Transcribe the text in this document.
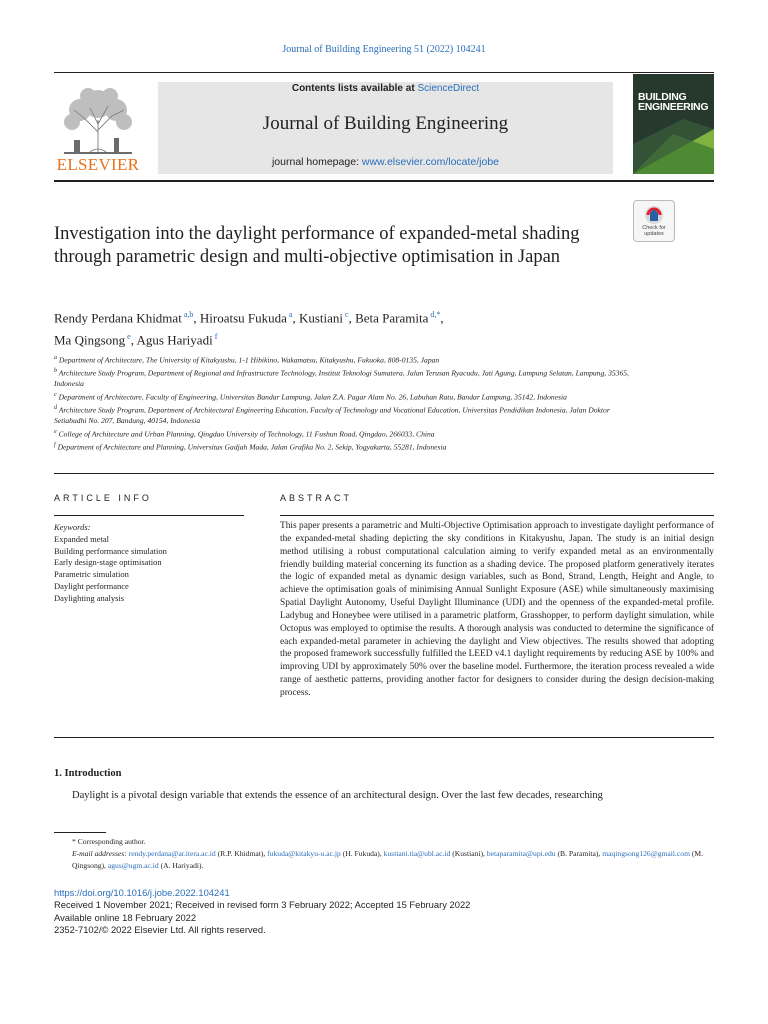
Journal of Building Engineering 51 (2022) 104241
ELSEVIER
Contents lists available at ScienceDirect
Journal of Building Engineering
journal homepage: www.elsevier.com/locate/jobe
BUILDING
ENGINEERING
Check for
updates
Investigation into the daylight performance of expanded-metal shading through parametric design and multi-objective optimisation in Japan
Rendy Perdana Khidmat $^{a,b}$, Hiroatsu Fukuda $^a$, Kustiani $^c$, Beta Paramita $^{d,*}$,
Ma Qingsong $^e$, Agus Hariyadi $^f$
$^a$ Department of Architecture, The University of Kitakyushu, 1-1 Hibikino, Wakamatsu, Kitakyushu, Fukuoka, 808-0135, Japan
$^b$ Architecture Study Program, Department of Regional and Infrastructure Technology, Institut Teknologi Sumatera, Jalan Terusan Ryacudu, Jati Agung, Lampung Selatan, Lampung, 35365, Indonesia
$^c$ Department of Architecture, Faculty of Engineering, Universitas Bandar Lampung, Jalan Z.A. Pagar Alam No. 26, Labuhan Ratu, Bandar Lampung, 35142, Indonesia
$^d$ Architecture Study Program, Department of Architectural Engineering Education, Faculty of Technology and Vocational Education, Universitas Pendidikan Indonesia, Jalan Doktor Setiabudhi No. 207, Bandung, 40154, Indonesia
$^e$ College of Architecture and Urban Planning, Qingdao University of Technology, 11 Fushun Road, Qingdao, 266033, China
$^f$ Department of Architecture and Planning, Universitas Gadjah Mada, Jalan Grafika No. 2, Sekip, Yogyakarta, 55281, Indonesia
ARTICLE INFO	ABSTRACT
Keywords:
Expanded metal
Building performance simulation
Early design-stage optimisation
Parametric simulation
Daylight performance
Daylighting analysis
This paper presents a parametric and Multi-Objective Optimisation approach to investigate daylight performance of the expanded-metal shading depicting the sky conditions in Kitakyushu, Japan. The study is an initial design method utilising a robust computational calculation aiming to verify expanded metal as an environmentally friendly building material concerning its function as a shading device. The proposed platform generatively iterates the logic of expanded metal as dynamic design variables, such as Bond, Strand, Length, Height and Angle, to achieve the optimisation goals of minimising Annual Sunlight Exposure (ASE) while simultaneously maximising Spatial Daylight Autonomy, Useful Daylight Illuminance (UDI) and the openness of the expanded-metal profile. Ladybug and Honeybee were utilised in a parametric platform, Grasshopper, to perform daylight simulation, while Octopus was employed to optimise the results. A thorough analysis was conducted to determine the significance of each expanded-metal parameter in achieving the daylight and View objectives. The results showed that adopting the proposed framework successfully fulfilled the LEED v4.1 daylight requirements by reducing ASE by 100% and improving UDI by approximately 50% over the baseline model. Furthermore, the iteration process revealed a wide range of aesthetic patterns, providing another factor for designers to consider during the design decision-making process.
1. Introduction
Daylight is a pivotal design variable that extends the essence of an architectural design. Over the last few decades, researching
* Corresponding author.
E-mail addresses: rendy.perdana@ar.itera.ac.id (R.P. Khidmat), fukuda@kitakyu-u.ac.jp (H. Fukuda), kustiani.tia@ubl.ac.id (Kustiani), betaparamita@upi.edu (B. Paramita), maqingsong126@gmail.com (M. Qingsong), agus@ugm.ac.id (A. Hariyadi).
https://doi.org/10.1016/j.jobe.2022.104241
Received 1 November 2021; Received in revised form 3 February 2022; Accepted 15 February 2022
Available online 18 February 2022
2352-7102/© 2022 Elsevier Ltd. All rights reserved.
